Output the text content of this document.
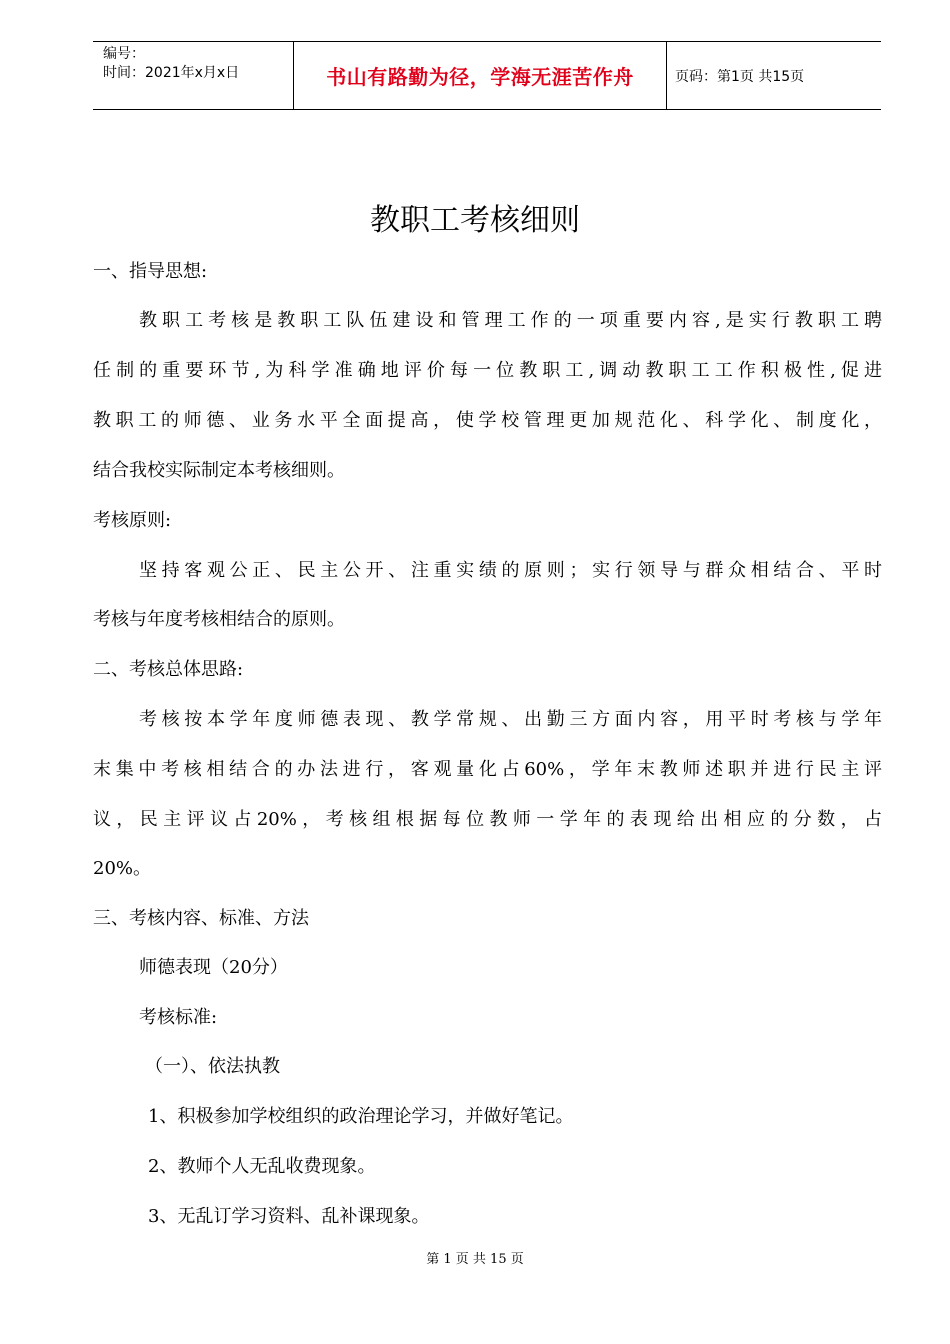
编号：
时间：2021年x月x日	书山有路勤为径，学海无涯苦作舟	页码：第1页 共15页
教职工考核细则
一、指导思想:
教职工考核是教职工队伍建设和管理工作的一项重要内容,是实行教职工聘
任制的重要环节,为科学准确地评价每一位教职工,调动教职工工作积极性,促进
教职工的师德、业务水平全面提高，使学校管理更加规范化、科学化、制度化，
结合我校实际制定本考核细则。
考核原则:
坚持客观公正、民主公开、注重实绩的原则；实行领导与群众相结合、平时
考核与年度考核相结合的原则。
二、考核总体思路:
考核按本学年度师德表现、教学常规、出勤三方面内容，用平时考核与学年
末集中考核相结合的办法进行，客观量化占60%，学年末教师述职并进行民主评
议，民主评议占20%，考核组根据每位教师一学年的表现给出相应的分数，占
20%。
三、考核内容、标准、方法
师德表现（20分）
考核标准:
（一）、依法执教
1、积极参加学校组织的政治理论学习，并做好笔记。
2、教师个人无乱收费现象。
3、无乱订学习资料、乱补课现象。
第 1 页 共 15 页
